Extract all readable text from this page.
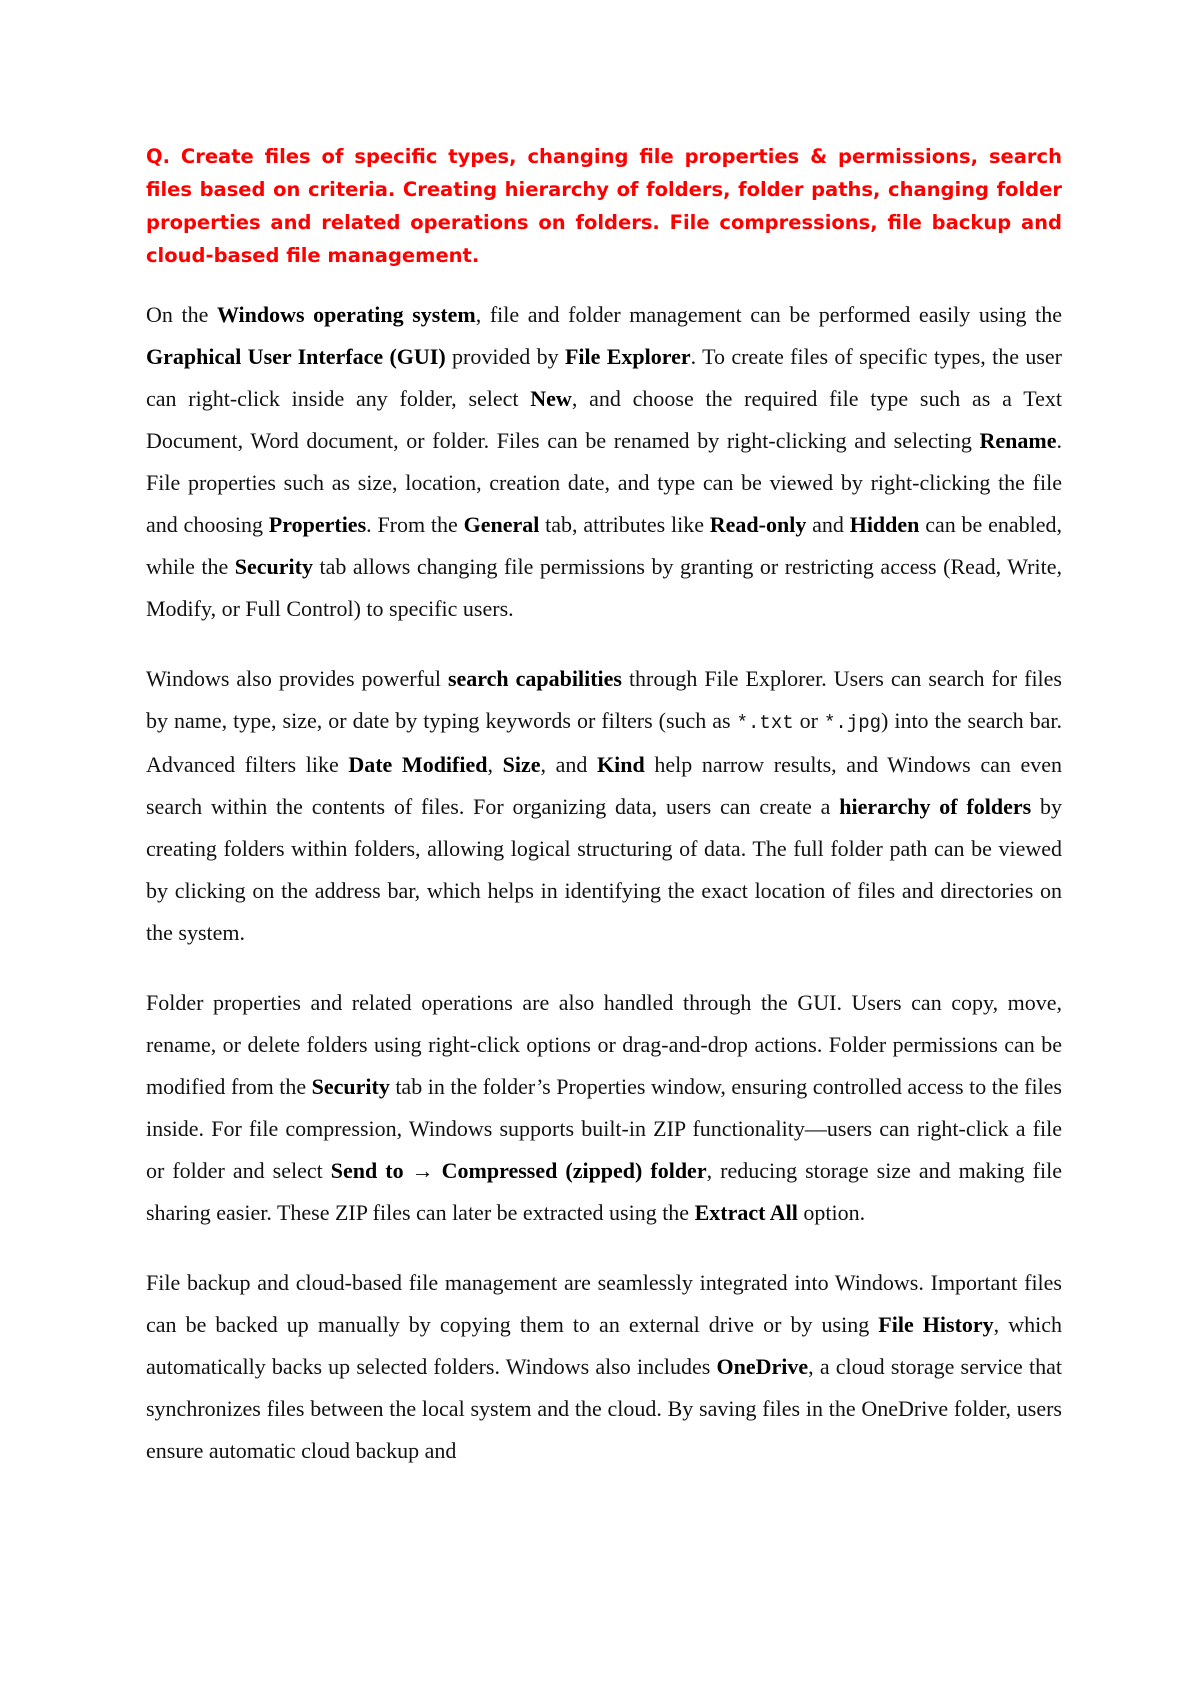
Q. Create files of specific types, changing file properties & permissions, search files based on criteria. Creating hierarchy of folders, folder paths, changing folder properties and related operations on folders. File compressions, file backup and cloud-based file management.

On the Windows operating system, file and folder management can be performed easily using the Graphical User Interface (GUI) provided by File Explorer. To create files of specific types, the user can right-click inside any folder, select New, and choose the required file type such as a Text Document, Word document, or folder. Files can be renamed by right-clicking and selecting Rename. File properties such as size, location, creation date, and type can be viewed by right-clicking the file and choosing Properties. From the General tab, attributes like Read-only and Hidden can be enabled, while the Security tab allows changing file permissions by granting or restricting access (Read, Write, Modify, or Full Control) to specific users.

Windows also provides powerful search capabilities through File Explorer. Users can search for files by name, type, size, or date by typing keywords or filters (such as *.txt or *.jpg) into the search bar. Advanced filters like Date Modified, Size, and Kind help narrow results, and Windows can even search within the contents of files. For organizing data, users can create a hierarchy of folders by creating folders within folders, allowing logical structuring of data. The full folder path can be viewed by clicking on the address bar, which helps in identifying the exact location of files and directories on the system.

Folder properties and related operations are also handled through the GUI. Users can copy, move, rename, or delete folders using right-click options or drag-and-drop actions. Folder permissions can be modified from the Security tab in the folder’s Properties window, ensuring controlled access to the files inside. For file compression, Windows supports built-in ZIP functionality—users can right-click a file or folder and select Send to → Compressed (zipped) folder, reducing storage size and making file sharing easier. These ZIP files can later be extracted using the Extract All option.

File backup and cloud-based file management are seamlessly integrated into Windows. Important files can be backed up manually by copying them to an external drive or by using File History, which automatically backs up selected folders. Windows also includes OneDrive, a cloud storage service that synchronizes files between the local system and the cloud. By saving files in the OneDrive folder, users ensure automatic cloud backup and
